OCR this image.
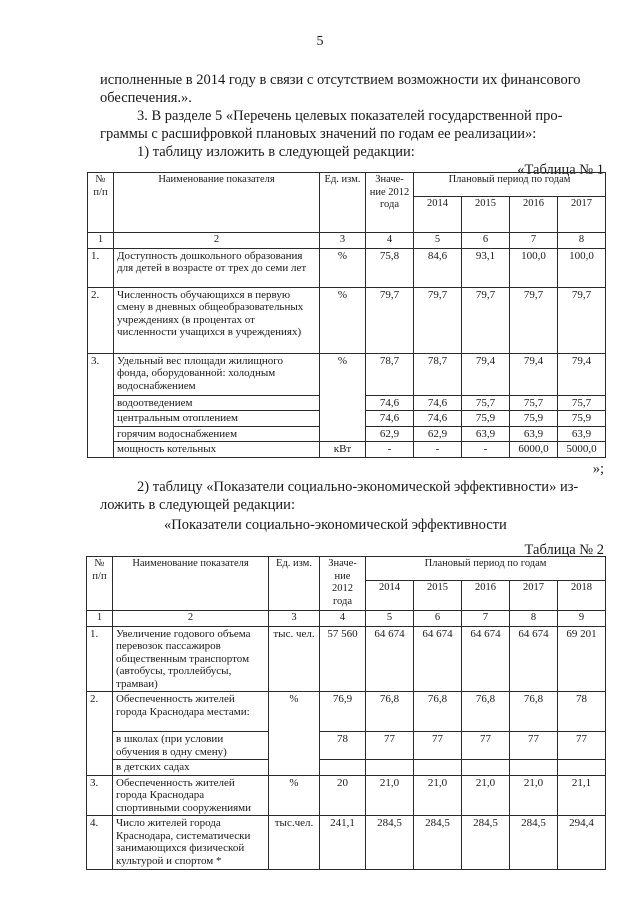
5
исполненные в 2014 году в связи с отсутствием возможности их финансового
обеспечения.».
3. В разделе 5 «Перечень целевых показателей государственной про-
граммы с расшифровкой плановых значений по годам ее реализации»:
1) таблицу изложить в следующей редакции:
«Таблица № 1
№ п/п	Наименование показателя	Ед. изм.	Значе-ние 2012 года	Плановый период по годам			
				2014	2015	2016	2017
1	2	3	4	5	6	7	8
1.	Доступность дошкольного образования для детей в возрасте от трех до семи лет	%	75,8	84,6	93,1	100,0	100,0
2.	Численность обучающихся в первую смену в дневных общеобразовательных учреждениях (в процентах от численности учащихся в учреждениях)	%	79,7	79,7	79,7	79,7	79,7
3.	Удельный вес площади жилищного фонда, оборудованной: холодным водоснабжением	%	78,7	78,7	79,4	79,4	79,4
	водоотведением		74,6	74,6	75,7	75,7	75,7
	центральным отоплением		74,6	74,6	75,9	75,9	75,9
	горячим водоснабжением		62,9	62,9	63,9	63,9	63,9
	мощность котельных	кВт	-	-	-	6000,0	5000,0
»;
2) таблицу «Показатели социально-экономической эффективности» из-
ложить в следующей редакции:
«Показатели социально-экономической эффективности
Таблица № 2
№ п/п	Наименование показателя	Ед. изм.	Значе-ние 2012 года	Плановый период по годам				
				2014	2015	2016	2017	2018
1	2	3	4	5	6	7	8	9
1.	Увеличение годового объема перевозок пассажиров общественным транспортом (автобусы, троллейбусы, трамваи)	тыс. чел.	57 560	64 674	64 674	64 674	64 674	69 201
2.	Обеспеченность жителей города Краснодара местами:	%	76,9	76,8	76,8	76,8	76,8	78
	в школах (при условии обучения в одну смену)		78	77	77	77	77	77
	в детских садах							
3.	Обеспеченность жителей города Краснодара спортивными сооружениями	%	20	21,0	21,0	21,0	21,0	21,1
4.	Число жителей города Краснодара, систематически занимающихся физической культурой и спортом *	тыс.чел.	241,1	284,5	284,5	284,5	284,5	294,4
